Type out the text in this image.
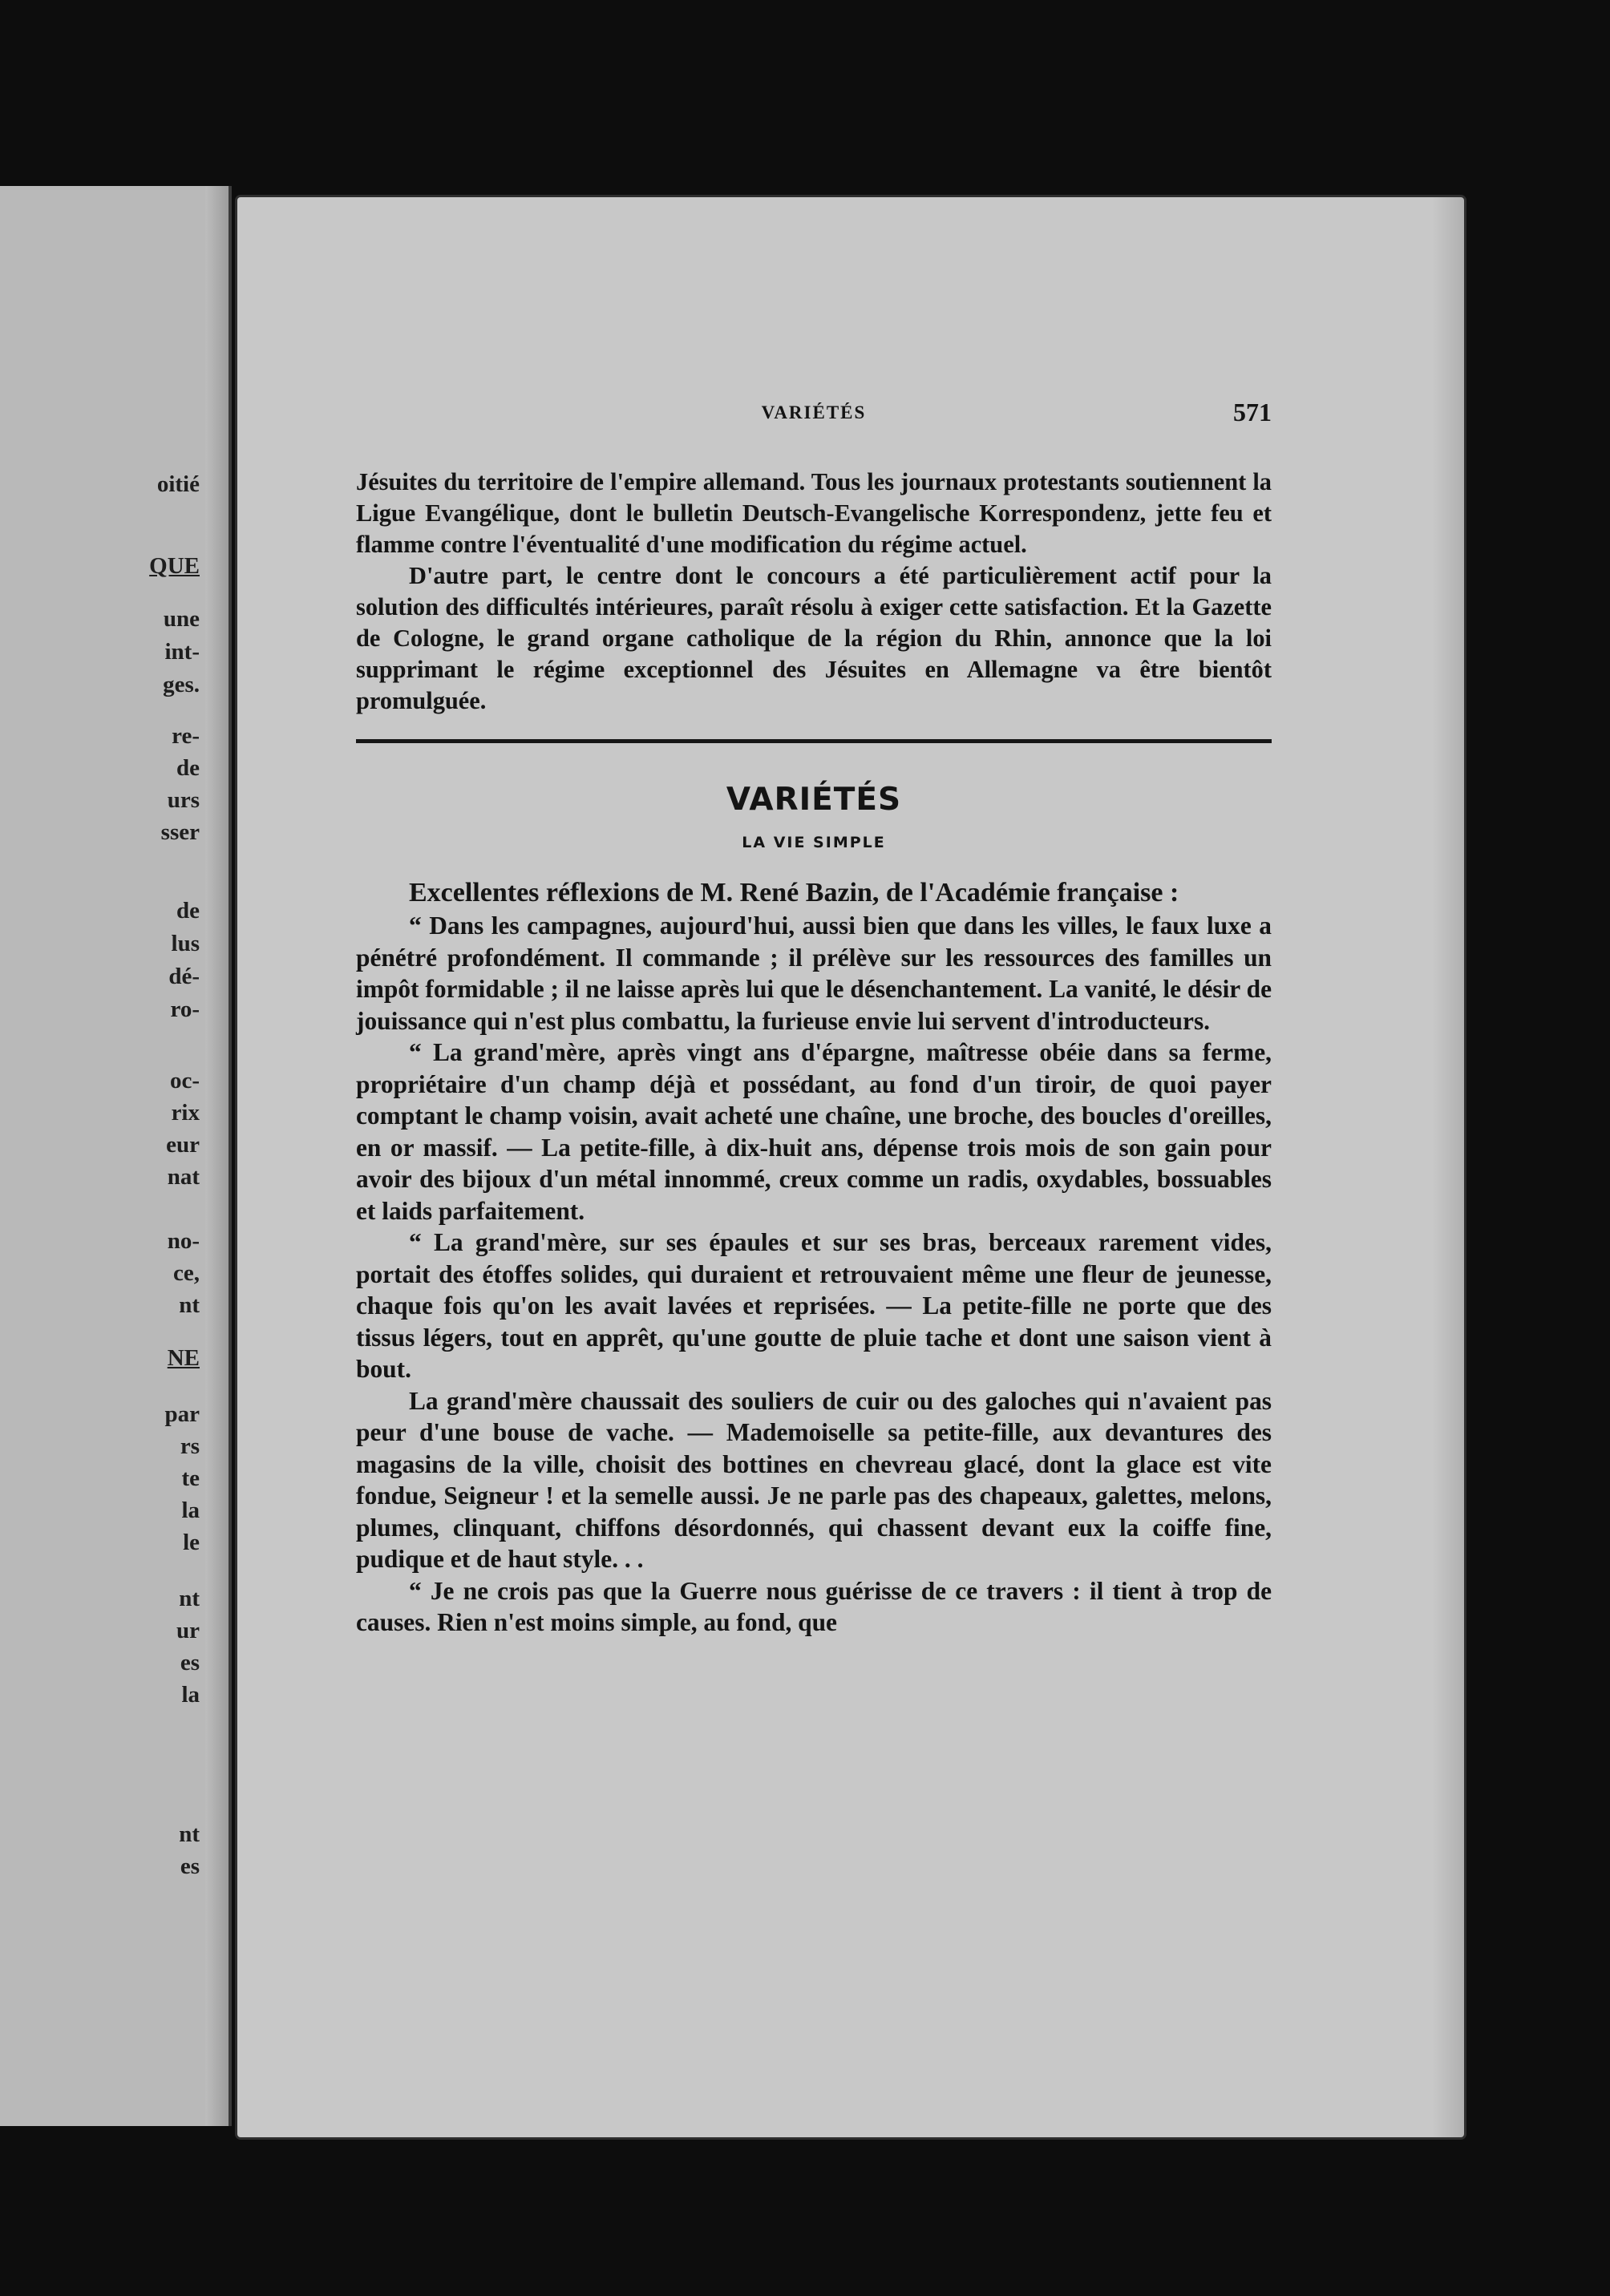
oitié
QUE
une
int-
ges.
re-
de
urs
sser
de
lus
dé-
ro-
oc-
rix
eur
nat
no-
ce,
nt
NE
par
rs
te
la
le
nt
ur
es
la
nt
es
VARIÉTÉS	571

Jésuites du territoire de l'empire allemand. Tous les journaux protestants soutiennent la Ligue Evangélique, dont le bulletin Deutsch-Evangelische Korrespondenz, jette feu et flamme contre l'éventualité d'une modification du régime actuel.

D'autre part, le centre dont le concours a été particulièrement actif pour la solution des difficultés intérieures, paraît résolu à exiger cette satisfaction. Et la Gazette de Cologne, le grand organe catholique de la région du Rhin, annonce que la loi supprimant le régime exceptionnel des Jésuites en Allemagne va être bientôt promulguée.

VARIÉTÉS
LA VIE SIMPLE

Excellentes réflexions de M. René Bazin, de l'Académie française :

“ Dans les campagnes, aujourd'hui, aussi bien que dans les villes, le faux luxe a pénétré profondément. Il commande ; il prélève sur les ressources des familles un impôt formidable ; il ne laisse après lui que le désenchantement. La vanité, le désir de jouissance qui n'est plus combattu, la furieuse envie lui servent d'introducteurs.

“ La grand'mère, après vingt ans d'épargne, maîtresse obéie dans sa ferme, propriétaire d'un champ déjà et possédant, au fond d'un tiroir, de quoi payer comptant le champ voisin, avait acheté une chaîne, une broche, des boucles d'oreilles, en or massif. — La petite-fille, à dix-huit ans, dépense trois mois de son gain pour avoir des bijoux d'un métal innommé, creux comme un radis, oxydables, bossuables et laids parfaitement.

“ La grand'mère, sur ses épaules et sur ses bras, berceaux rarement vides, portait des étoffes solides, qui duraient et retrouvaient même une fleur de jeunesse, chaque fois qu'on les avait lavées et reprisées. — La petite-fille ne porte que des tissus légers, tout en apprêt, qu'une goutte de pluie tache et dont une saison vient à bout.

La grand'mère chaussait des souliers de cuir ou des galoches qui n'avaient pas peur d'une bouse de vache. — Mademoiselle sa petite-fille, aux devantures des magasins de la ville, choisit des bottines en chevreau glacé, dont la glace est vite fondue, Seigneur ! et la semelle aussi. Je ne parle pas des chapeaux, galettes, melons, plumes, clinquant, chiffons désordonnés, qui chassent devant eux la coiffe fine, pudique et de haut style. . .

“ Je ne crois pas que la Guerre nous guérisse de ce travers : il tient à trop de causes. Rien n'est moins simple, au fond, que
